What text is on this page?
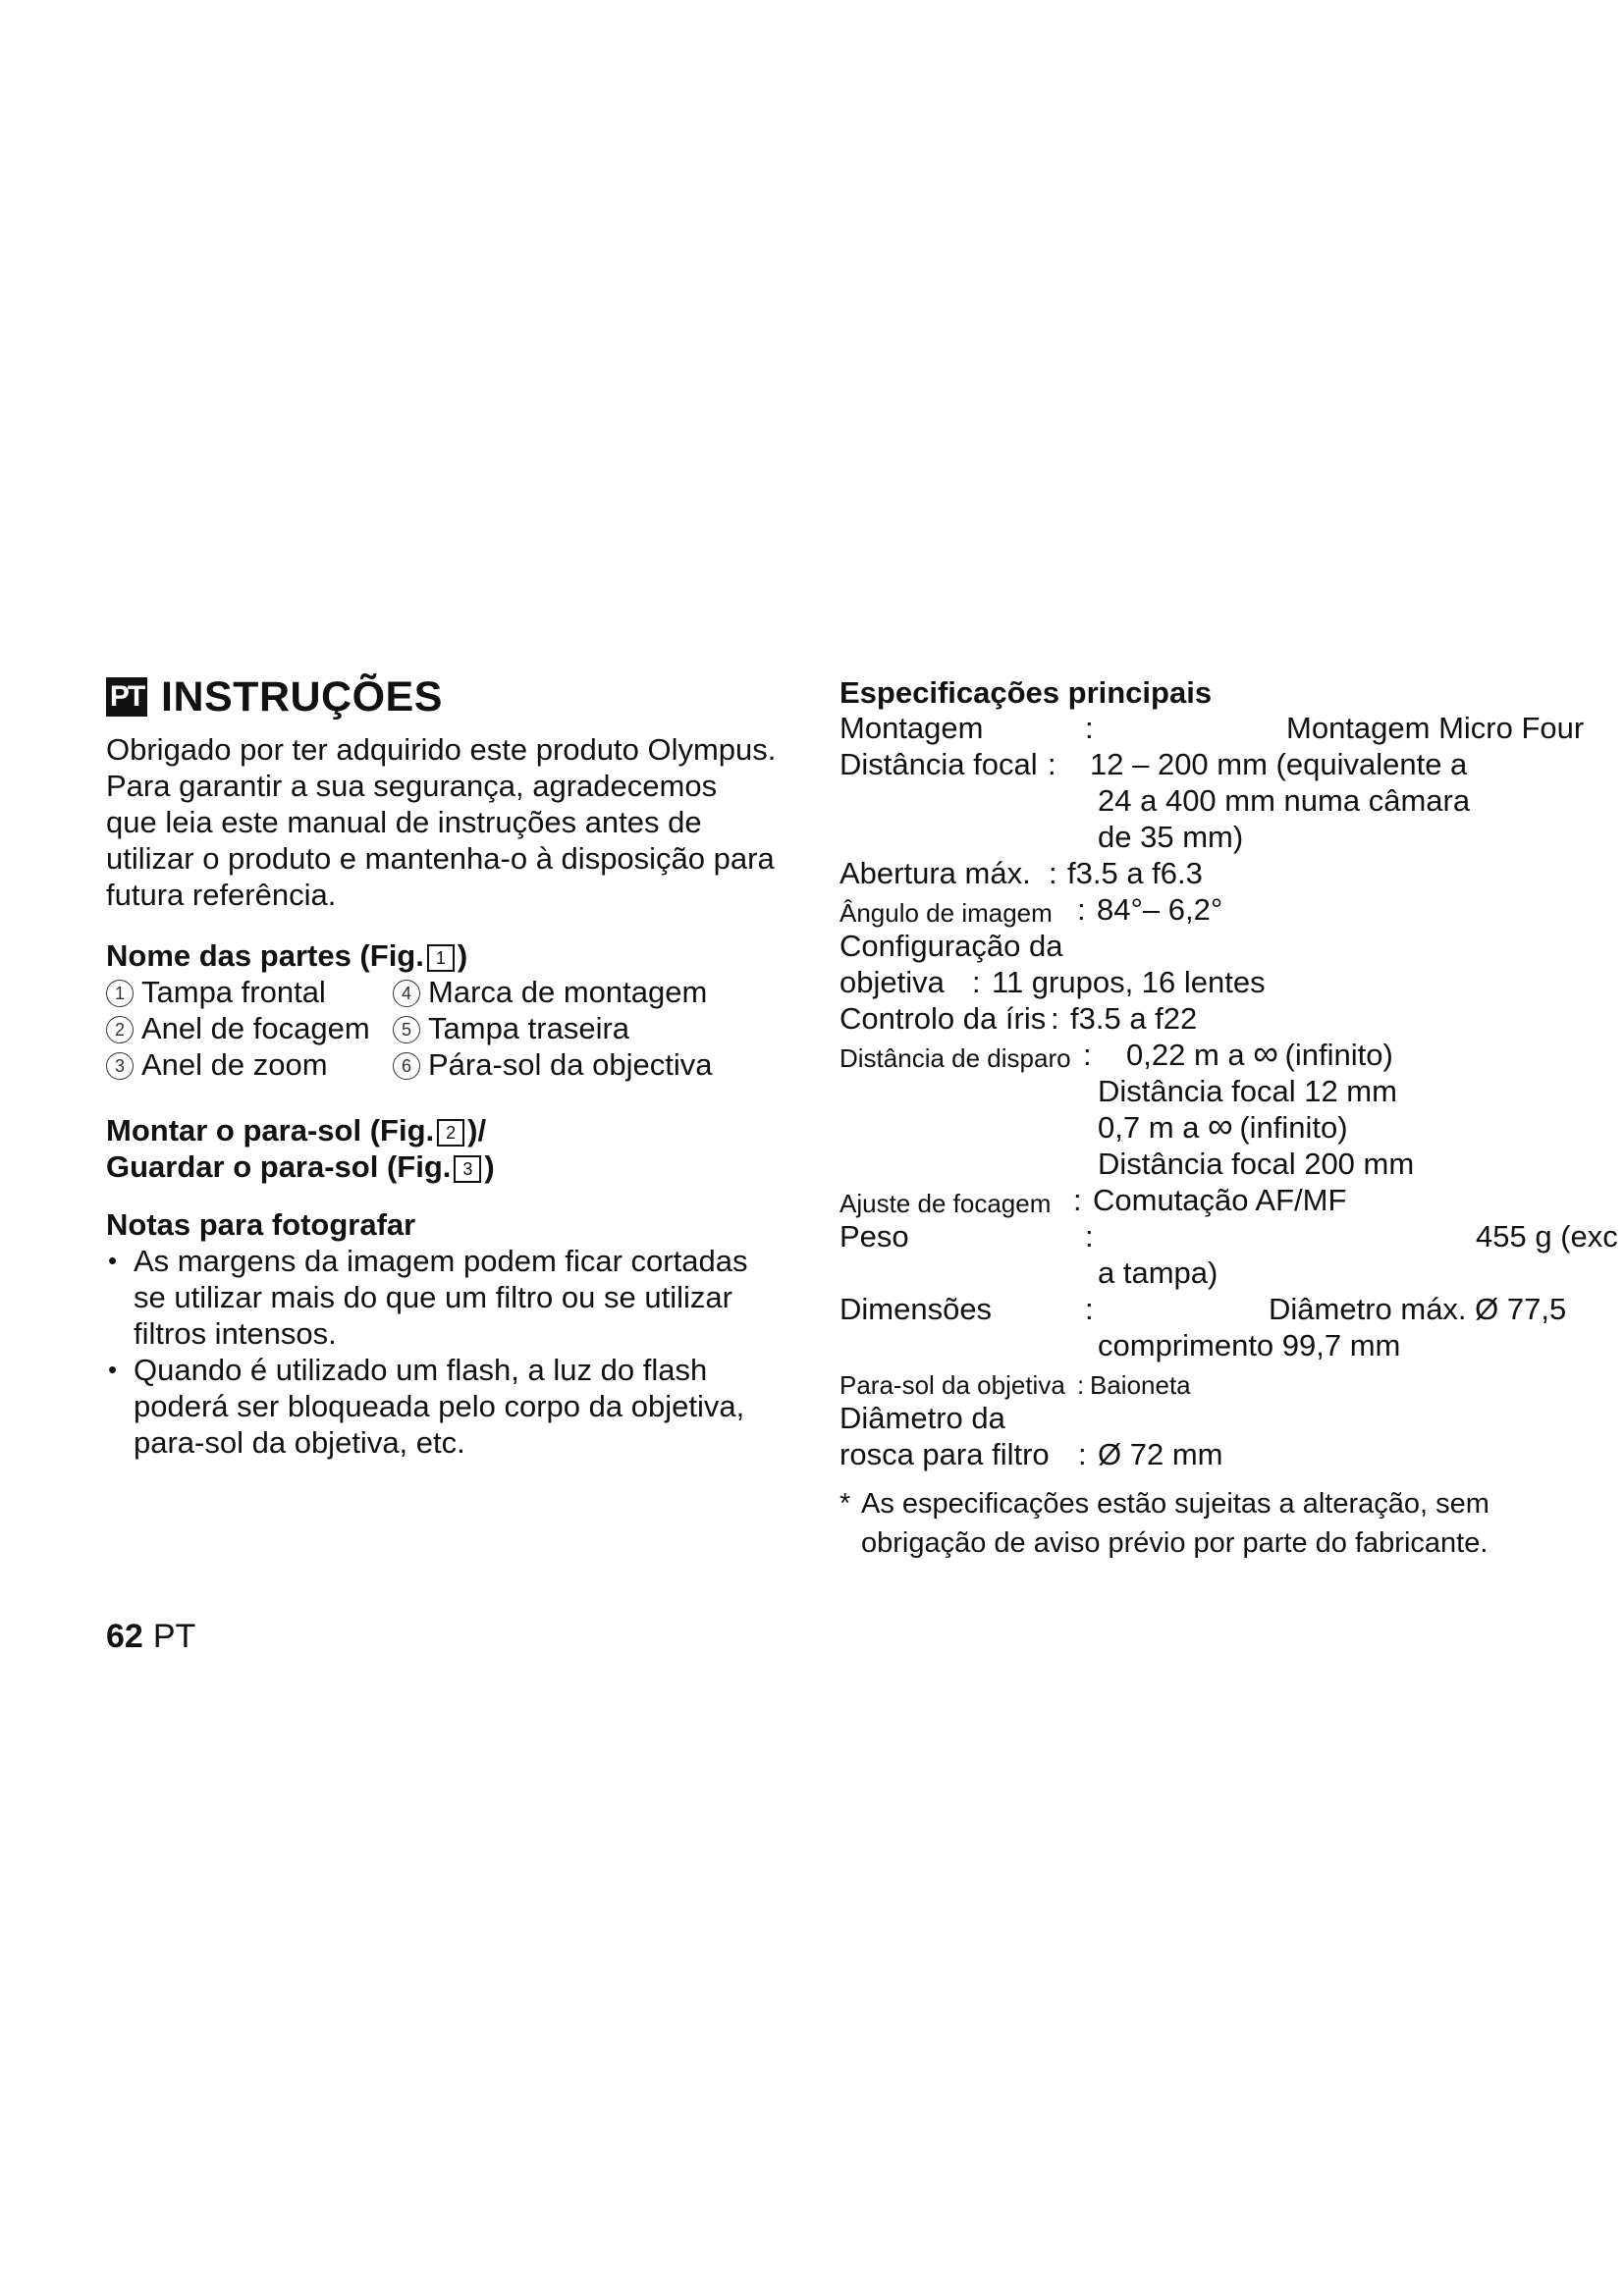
PT INSTRUÇÕES

Obrigado por ter adquirido este produto Olympus.

Para garantir a sua segurança, agradecemos

que leia este manual de instruções antes de

utilizar o produto e mantenha-o à disposição para

futura referência.

Nome das partes (Fig. 1 )

1 Tampa frontal	4 Marca de montagem
2 Anel de focagem	5 Tampa traseira
3 Anel de zoom	6 Pára-sol da objectiva

Montar o para-sol (Fig. 2 )/

Guardar o para-sol (Fig. 3 )

Notas para fotografar

• As margens da imagem podem ficar cortadas
se utilizar mais do que um filtro ou se utilizar
filtros intensos.
• Quando é utilizado um flash, a luz do flash
poderá ser bloqueada pelo corpo da objetiva,
para-sol da objetiva, etc.

Especificações principais

Montagem	:	Montagem Micro Four
Distância focal : 12 – 200 mm (equivalente a
24 a 400 mm numa câmara
de 35 mm)
Abertura máx. : f3.5 a f6.3
Ângulo de imagem : 84°– 6,2°
Configuração da
objetiva : 11 grupos, 16 lentes
Controlo da íris : f3.5 a f22
Distância de disparo : 0,22 m a ∞ (infinito)
Distância focal 12 mm
0,7 m a ∞ (infinito)
Distância focal 200 mm
Ajuste de focagem : Comutação AF/MF
Peso	:	455 g (exc
a tampa)
Dimensões	:	Diâmetro máx. Ø 77,5
comprimento 99,7 mm
Para-sol da objetiva : Baioneta
Diâmetro da
rosca para filtro : Ø 72 mm
* As especificações estão sujeitas a alteração, sem
obrigação de aviso prévio por parte do fabricante.
62 PT
